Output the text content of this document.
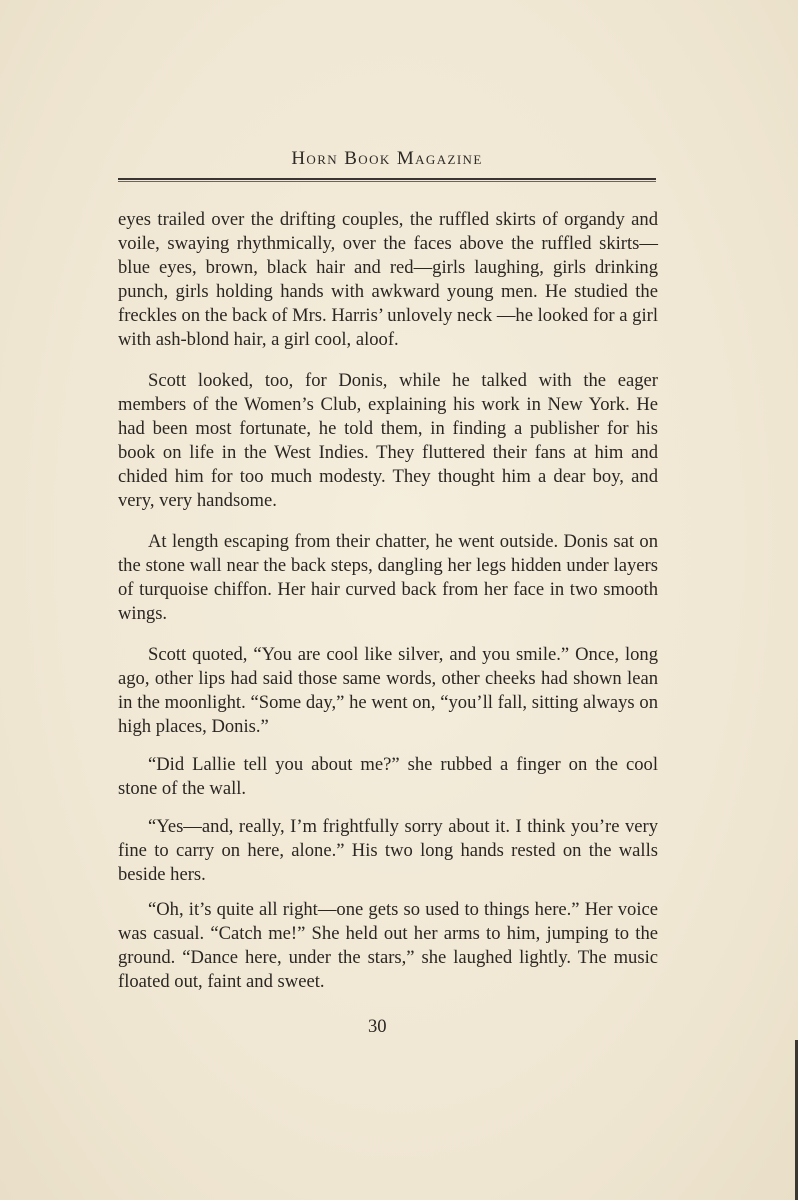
Horn Book Magazine

eyes trailed over the drifting couples, the ruffled skirts of organdy and voile, swaying rhythmically, over the faces above the ruffled skirts—blue eyes, brown, black hair and red—girls laughing, girls drinking punch, girls holding hands with awkward young men. He studied the freckles on the back of Mrs. Harris’ unlovely neck —he looked for a girl with ash-blond hair, a girl cool, aloof.

Scott looked, too, for Donis, while he talked with the eager members of the Women’s Club, explaining his work in New York. He had been most fortunate, he told them, in finding a publisher for his book on life in the West Indies. They fluttered their fans at him and chided him for too much modesty. They thought him a dear boy, and very, very handsome.

At length escaping from their chatter, he went outside. Donis sat on the stone wall near the back steps, dangling her legs hidden under layers of turquoise chiffon. Her hair curved back from her face in two smooth wings.

Scott quoted, “You are cool like silver, and you smile.” Once, long ago, other lips had said those same words, other cheeks had shown lean in the moonlight. “Some day,” he went on, “you’ll fall, sitting always on high places, Donis.”

“Did Lallie tell you about me?” she rubbed a finger on the cool stone of the wall.

“Yes—and, really, I’m frightfully sorry about it. I think you’re very fine to carry on here, alone.” His two long hands rested on the walls beside hers.

“Oh, it’s quite all right—one gets so used to things here.” Her voice was casual. “Catch me!” She held out her arms to him, jumping to the ground. “Dance here, under the stars,” she laughed lightly. The music floated out, faint and sweet.

30
